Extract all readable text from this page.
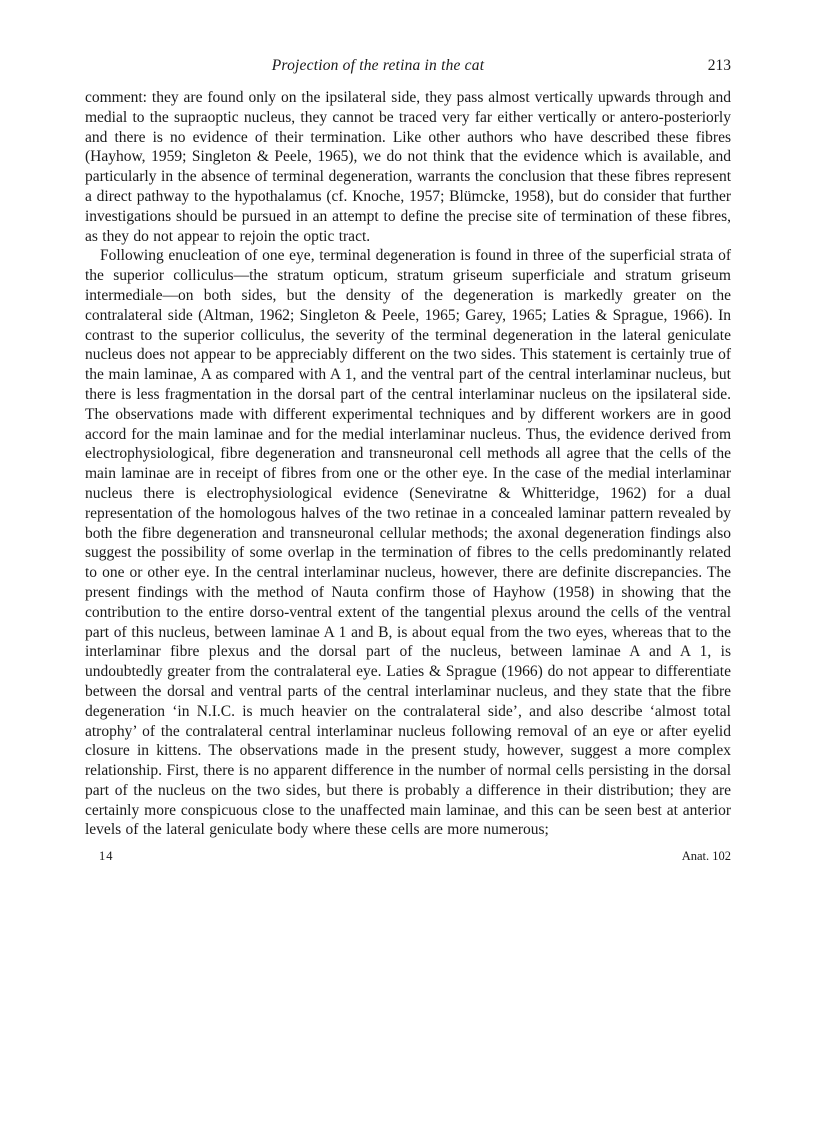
Projection of the retina in the cat	213

comment: they are found only on the ipsilateral side, they pass almost vertically upwards through and medial to the supraoptic nucleus, they cannot be traced very far either vertically or antero-posteriorly and there is no evidence of their termination. Like other authors who have described these fibres (Hayhow, 1959; Singleton & Peele, 1965), we do not think that the evidence which is available, and particularly in the absence of terminal degeneration, warrants the conclusion that these fibres represent a direct pathway to the hypothalamus (cf. Knoche, 1957; Blümcke, 1958), but do consider that further investigations should be pursued in an attempt to define the precise site of termination of these fibres, as they do not appear to rejoin the optic tract.

Following enucleation of one eye, terminal degeneration is found in three of the superficial strata of the superior colliculus—the stratum opticum, stratum griseum superficiale and stratum griseum intermediale—on both sides, but the density of the degeneration is markedly greater on the contralateral side (Altman, 1962; Singleton & Peele, 1965; Garey, 1965; Laties & Sprague, 1966). In contrast to the superior colliculus, the severity of the terminal degeneration in the lateral geniculate nucleus does not appear to be appreciably different on the two sides. This statement is certainly true of the main laminae, A as compared with A 1, and the ventral part of the central interlaminar nucleus, but there is less fragmentation in the dorsal part of the central interlaminar nucleus on the ipsilateral side. The observations made with different experimental techniques and by different workers are in good accord for the main laminae and for the medial interlaminar nucleus. Thus, the evidence derived from electrophysiological, fibre degeneration and transneuronal cell methods all agree that the cells of the main laminae are in receipt of fibres from one or the other eye. In the case of the medial interlaminar nucleus there is electrophysiological evidence (Seneviratne & Whitteridge, 1962) for a dual representation of the homologous halves of the two retinae in a concealed laminar pattern revealed by both the fibre degeneration and transneuronal cellular methods; the axonal degeneration findings also suggest the possibility of some overlap in the termination of fibres to the cells predominantly related to one or other eye. In the central interlaminar nucleus, however, there are definite discrepancies. The present findings with the method of Nauta confirm those of Hayhow (1958) in showing that the contribution to the entire dorso-ventral extent of the tangential plexus around the cells of the ventral part of this nucleus, between laminae A 1 and B, is about equal from the two eyes, whereas that to the interlaminar fibre plexus and the dorsal part of the nucleus, between laminae A and A 1, is undoubtedly greater from the contralateral eye. Laties & Sprague (1966) do not appear to differentiate between the dorsal and ventral parts of the central interlaminar nucleus, and they state that the fibre degeneration ‘in N.I.C. is much heavier on the contralateral side’, and also describe ‘almost total atrophy’ of the contralateral central interlaminar nucleus following removal of an eye or after eyelid closure in kittens. The observations made in the present study, however, suggest a more complex relationship. First, there is no apparent difference in the number of normal cells persisting in the dorsal part of the nucleus on the two sides, but there is probably a difference in their distribution; they are certainly more conspicuous close to the unaffected main laminae, and this can be seen best at anterior levels of the lateral geniculate body where these cells are more numerous;

14	Anat. 102
